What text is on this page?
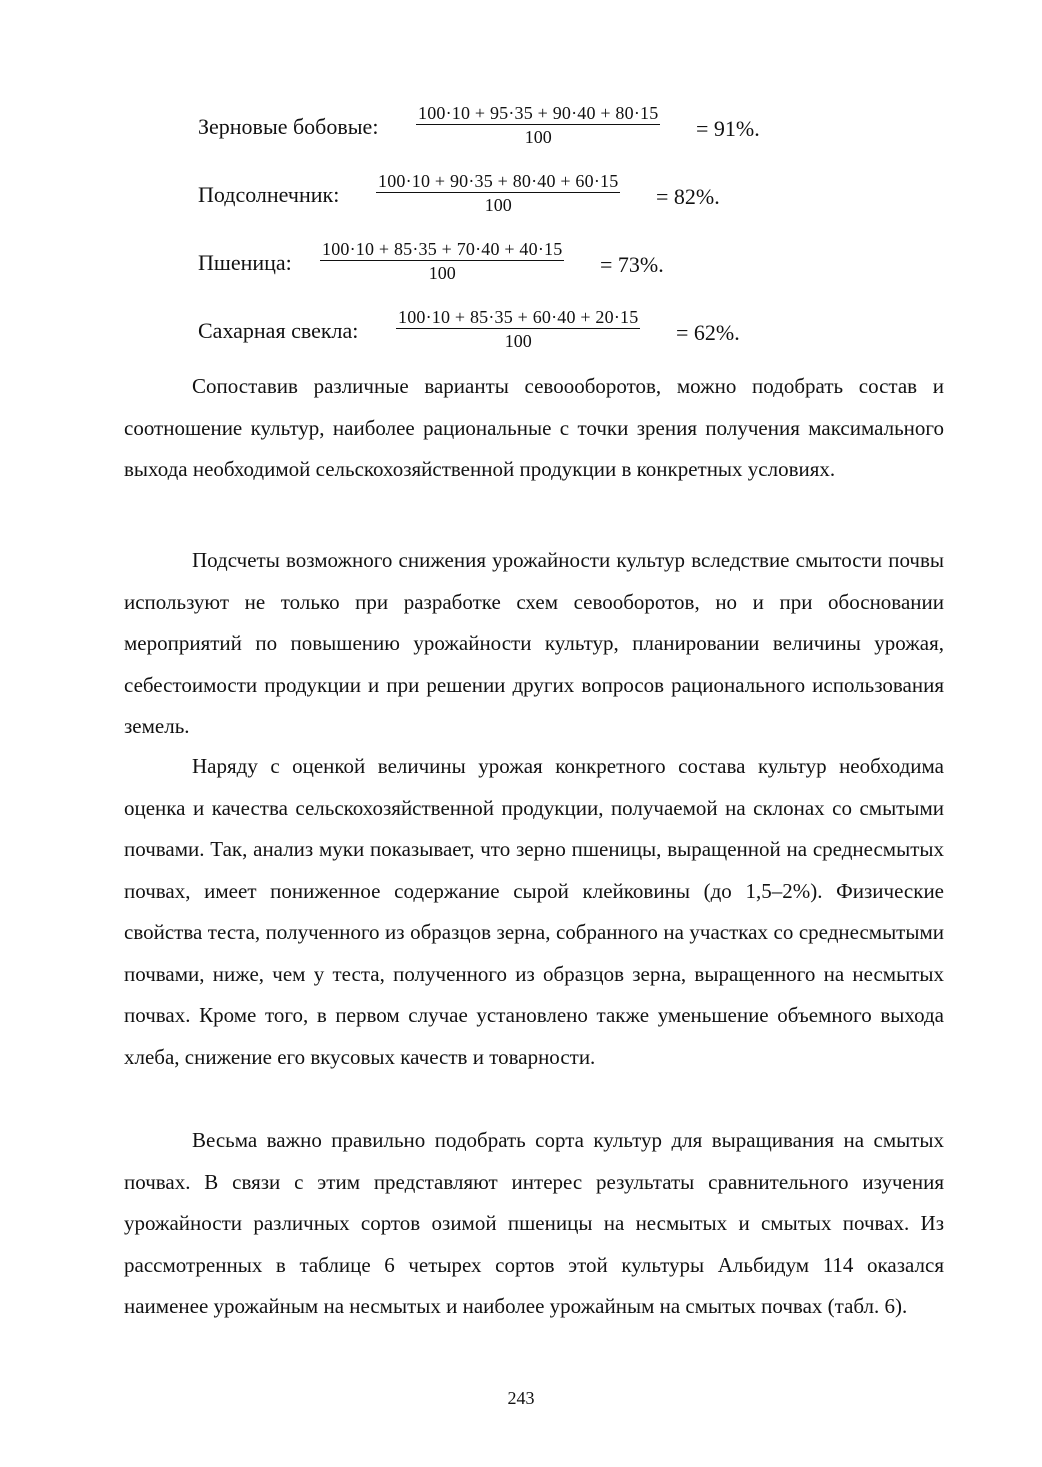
Зерновые бобовые: $\frac{100\cdot 10 + 95\cdot 35 + 90\cdot 40 + 80\cdot 15}{100} = 91\%$.
Подсолнечник: $\frac{100\cdot 10 + 90\cdot 35 + 80\cdot 40 + 60\cdot 15}{100} = 82\%$.
Пшеница: $\frac{100\cdot 10 + 85\cdot 35 + 70\cdot 40 + 40\cdot 15}{100} = 73\%$.
Сахарная свекла: $\frac{100\cdot 10 + 85\cdot 35 + 60\cdot 40 + 20\cdot 15}{100} = 62\%$.

Сопоставив различные варианты севоооборотов, можно подобрать состав и соотношение культур, наиболее рациональные с точки зрения получения максимального выхода необходимой сельскохозяйственной продукции в конкретных условиях.

Подсчеты возможного снижения урожайности культур вследствие смытости почвы используют не только при разработке схем севооборотов, но и при обосновании мероприятий по повышению урожайности культур, планировании величины урожая, себестоимости продукции и при решении других вопросов рационального использования земель.

Наряду с оценкой величины урожая конкретного состава культур необходима оценка и качества сельскохозяйственной продукции, получаемой на склонах со смытыми почвами. Так, анализ муки показывает, что зерно пшеницы, выращенной на среднесмытых почвах, имеет пониженное содержание сырой клейковины (до 1,5–2%). Физические свойства теста, полученного из образцов зерна, собранного на участках со среднесмытыми почвами, ниже, чем у теста, полученного из образцов зерна, выращенного на несмытых почвах. Кроме того, в первом случае установлено также уменьшение объемного выхода хлеба, снижение его вкусовых качеств и товарности.

Весьма важно правильно подобрать сорта культур для выращивания на смытых почвах. В связи с этим представляют интерес результаты сравнительного изучения урожайности различных сортов озимой пшеницы на несмытых и смытых почвах. Из рассмотренных в таблице 6 четырех сортов этой культуры Альбидум 114 оказался наименее урожайным на несмытых и наиболее урожайным на смытых почвах (табл. 6).

243
